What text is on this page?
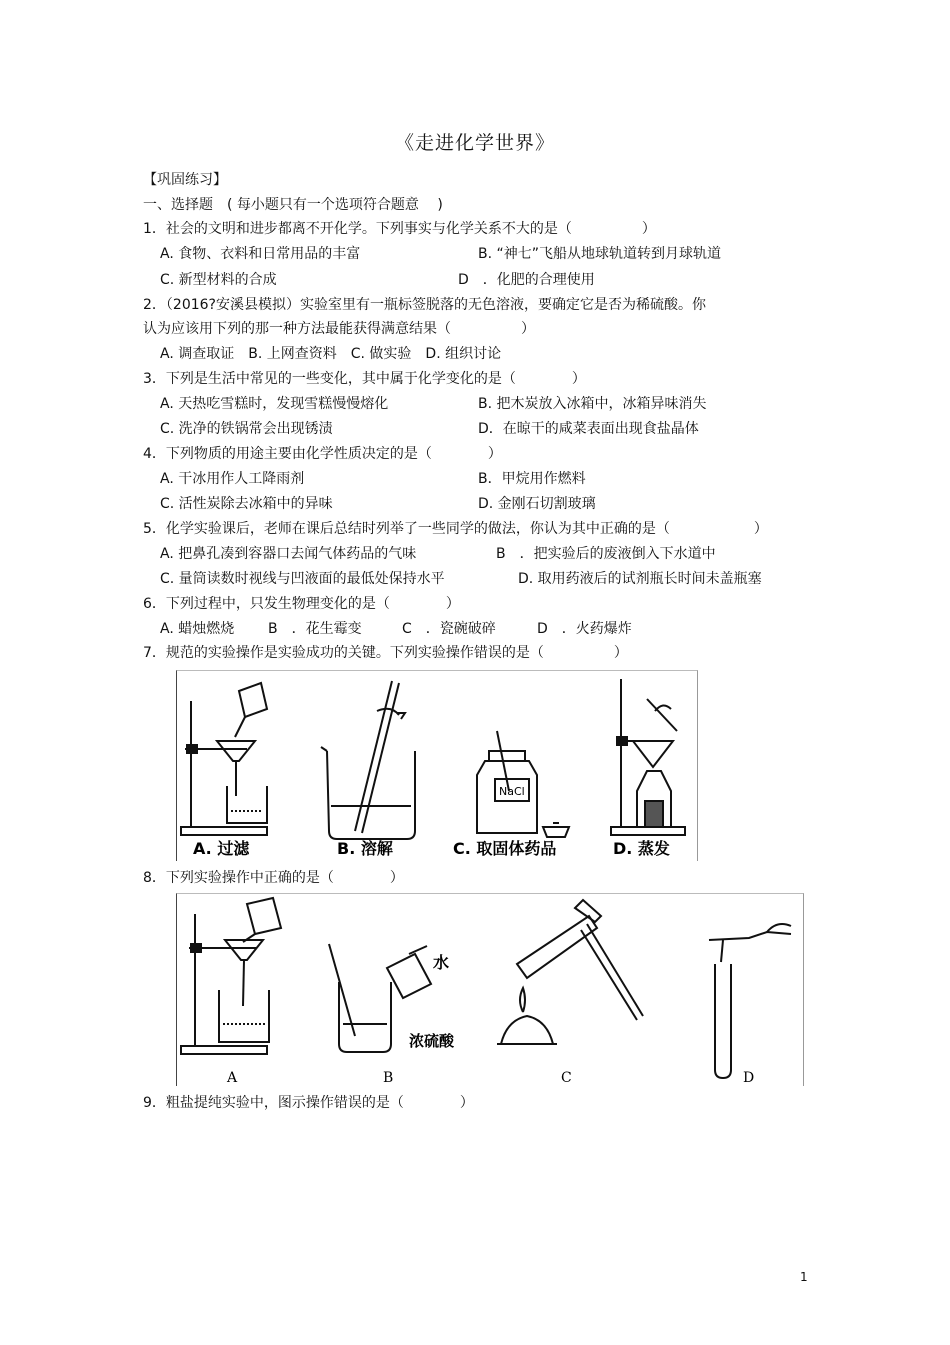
《走进化学世界》
【巩固练习】
一、选择题　( 每小题只有一个选项符合题意　 )
1．社会的文明和进步都离不开化学。下列事实与化学关系不大的是（　　　　　）
A. 食物、衣料和日常用品的丰富	B. “神七”飞船从地球轨道转到月球轨道
C. 新型材料的合成	D　．化肥的合理使用
2．（2016?安溪县模拟）实验室里有一瓶标签脱落的无色溶液，要确定它是否为稀硫酸。你
认为应该用下列的那一种方法最能获得满意结果（　　　　　）
A. 调查取证　B. 上网查资料　C. 做实验　D. 组织讨论
3．下列是生活中常见的一些变化，其中属于化学变化的是（　　　　）
A. 天热吃雪糕时，发现雪糕慢慢熔化	B. 把木炭放入冰箱中，冰箱异味消失
C. 洗净的铁锅常会出现锈渍	D．在晾干的咸菜表面出现食盐晶体
4．下列物质的用途主要由化学性质决定的是（　　　　）
A. 干冰用作人工降雨剂	B．甲烷用作燃料
C. 活性炭除去冰箱中的异味	D. 金刚石切割玻璃
5．化学实验课后，老师在课后总结时列举了一些同学的做法，你认为其中正确的是（　　　　　　）
A. 把鼻孔凑到容器口去闻气体药品的气味	B　．把实验后的废液倒入下水道中
C. 量筒读数时视线与凹液面的最低处保持水平	D. 取用药液后的试剂瓶长时间未盖瓶塞
6．下列过程中，只发生物理变化的是（　　　　）
A. 蜡烛燃烧 B　．花生霉变	C　．瓷碗破碎	D　．火药爆炸
7．规范的实验操作是实验成功的关键。下列实验操作错误的是（　　　　　）
A. 过滤	B. 溶解	C. 取固体药品	D. 蒸发
NaCl
8．下列实验操作中正确的是（　　　　）
水
浓硫酸
A	B	C	D
9．粗盐提纯实验中，图示操作错误的是（　　　　）
1
